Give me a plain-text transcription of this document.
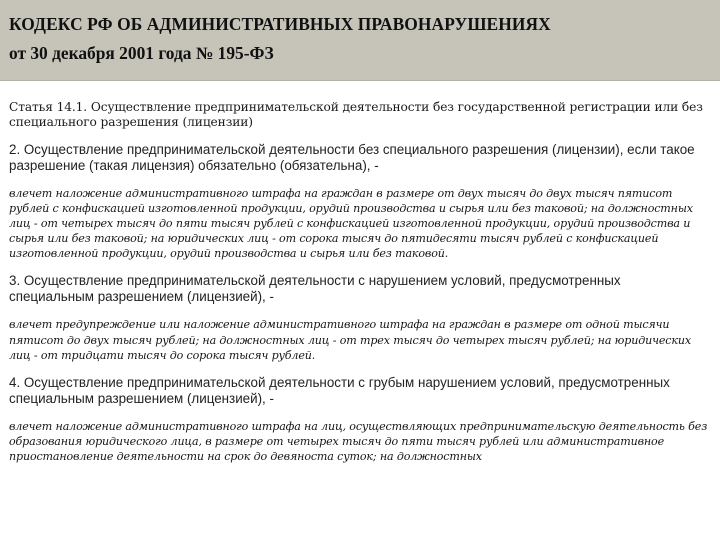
КОДЕКС РФ ОБ АДМИНИСТРАТИВНЫХ ПРАВОНАРУШЕНИЯХ
от 30 декабря 2001 года № 195-ФЗ

Статья 14.1. Осуществление предпринимательской деятельности без государственной регистрации или без специального разрешения (лицензии)

2. Осуществление предпринимательской деятельности без специального разрешения (лицензии), если такое разрешение (такая лицензия) обязательно (обязательна), -

влечет наложение административного штрафа на граждан в размере от двух тысяч до двух тысяч пятисот рублей с конфискацией изготовленной продукции, орудий производства и сырья или без таковой; на должностных лиц - от четырех тысяч до пяти тысяч рублей с конфискацией изготовленной продукции, орудий производства и сырья или без таковой; на юридических лиц - от сорока тысяч до пятидесяти тысяч рублей с конфискацией изготовленной продукции, орудий производства и сырья или без таковой.

3. Осуществление предпринимательской деятельности с нарушением условий, предусмотренных специальным разрешением (лицензией), -

влечет предупреждение или наложение административного штрафа на граждан в размере от одной тысячи пятисот до двух тысяч рублей; на должностных лиц - от трех тысяч до четырех тысяч рублей; на юридических лиц - от тридцати тысяч до сорока тысяч рублей.

4. Осуществление предпринимательской деятельности с грубым нарушением условий, предусмотренных специальным разрешением (лицензией), -

влечет наложение административного штрафа на лиц, осуществляющих предпринимательскую деятельность без образования юридического лица, в размере от четырех тысяч до пяти тысяч рублей или административное приостановление деятельности на срок до девяноста суток; на должностных
